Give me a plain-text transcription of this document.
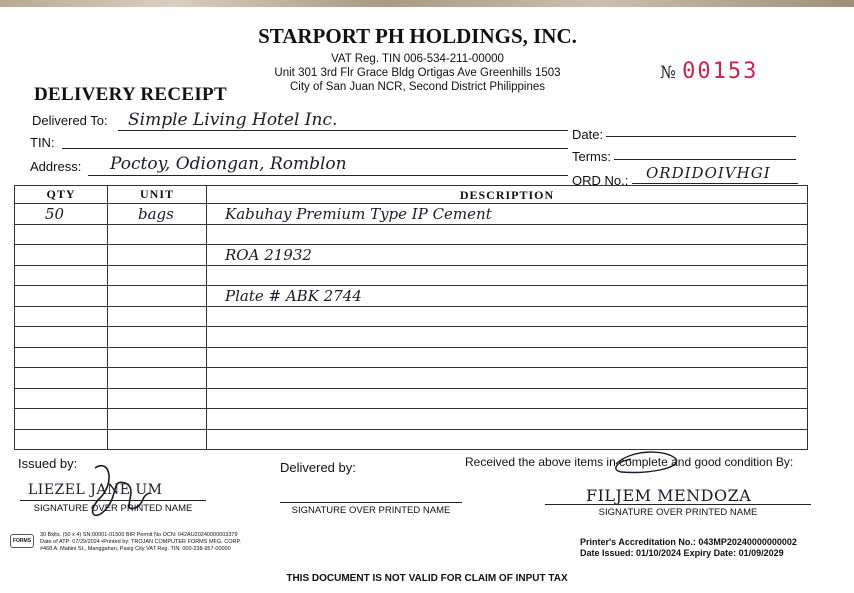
STARPORT PH HOLDINGS, INC.
VAT Reg. TIN 006-534-211-00000
Unit 301 3rd Flr Grace Bldg Ortigas Ave Greenhills 1503
City of San Juan NCR, Second District Philippines
№ 00153
DELIVERY RECEIPT
Delivered To: Simple Living Hotel Inc.
TIN:
Address: Poctoy, Odiongan, Romblon
Date:
Terms:
ORD No.: ORDIDOIVHGI
QTY	UNIT	DESCRIPTION
50	bags	Kabuhay Premium Type IP Cement

		ROA 21932

		Plate # ABK 2744

Issued by:
LIEZEL JANE UM
SIGNATURE OVER PRINTED NAME
Delivered by:
SIGNATURE OVER PRINTED NAME
Received the above items in complete and good condition By:
FILJEM MENDOZA
SIGNATURE OVER PRINTED NAME
FORMS
30 Bklts. (50 x 4) SN:00001-01500 BIR Permit No OCN: 042AU20240000003379
Date of ATP: 07/29/2024 ▪Printed by: TROJAN COMPUTER FORMS MFG. CORP.
#468 A. Mabini St., Manggahan, Pasig City VAT Reg. TIN: 000-238-957-00000
Printer's Accreditation No.: 043MP20240000000002
Date Issued: 01/10/2024 Expiry Date: 01/09/2029
THIS DOCUMENT IS NOT VALID FOR CLAIM OF INPUT TAX
